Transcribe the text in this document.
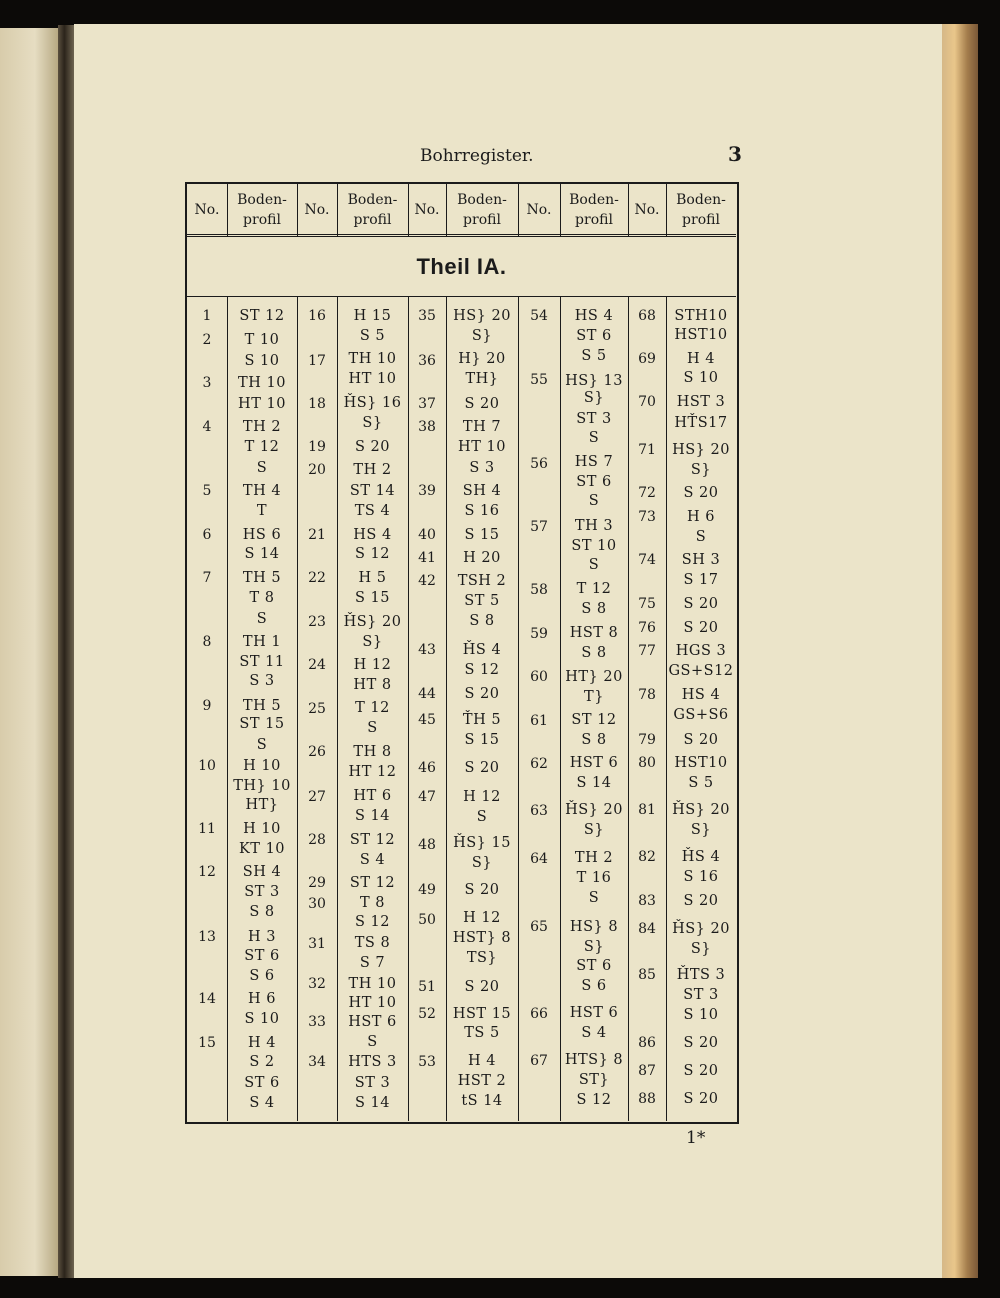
Bohrregister.	3
No.
Boden-
profil
No.
Boden-
profil
No.
Boden-
profil
No.
Boden-
profil
No.
Boden-
profil
Theil IA.
1
2
3
4
5
6
7
8
9
10
11
12
13
14
15
ST 12
T 10
S 10
TH 10
HT 10
TH 2
T 12
S
TH 4
T
HS 6
S 14
TH 5
T 8
S
TH 1
ST 11
S 3
TH 5
ST 15
S
H 10
TH} 10
HT}
H 10
KT 10
SH 4
ST 3
S 8
H 3
ST 6
S 6
H 6
S 10
H 4
S 2
ST 6
S 4
16
17
18
19
20
21
22
23
24
25
26
27
28
29
30
31
32
33
34
H 15
S 5
TH 10
HT 10
ȞS} 16
S}
S 20
TH 2
ST 14
TS 4
HS 4
S 12
H 5
S 15
ȞS} 20
S}
H 12
HT 8
T 12
S
TH 8
HT 12
HT 6
S 14
ST 12
S 4
ST 12
T 8
S 12
TS 8
S 7
TH 10
HT 10
HST 6
S
HTS 3
ST 3
S 14
35
36
37
38
39
40
41
42
43
44
45
46
47
48
49
50
51
52
53
HS} 20
S}
H} 20
TH}
S 20
TH 7
HT 10
S 3
SH 4
S 16
S 15
H 20
TSH 2
ST 5
S 8
ȞS 4
S 12
S 20
ŤH 5
S 15
S 20
H 12
S
ȞS} 15
S}
S 20
H 12
HST} 8
TS}
S 20
HST 15
TS 5
H 4
HST 2
tS 14
54
55
56
57
58
59
60
61
62
63
64
65
66
67
HS 4
ST 6
S 5
HS} 13
S}
ST 3
S
HS 7
ST 6
S
TH 3
ST 10
S
T 12
S 8
HST 8
S 8
HT} 20
T}
ST 12
S 8
HST 6
S 14
ȞS} 20
S}
TH 2
T 16
S
HS} 8
S}
ST 6
S 6
HST 6
S 4
HTS} 8
ST}
S 12
68
69
70
71
72
73
74
75
76
77
78
79
80
81
82
83
84
85
86
87
88
STH10
HST10
H 4
S 10
HST 3
HŤS17
HS} 20
S}
S 20
H 6
S
SH 3
S 17
S 20
S 20
HGS 3
GS+S12
HS 4
GS+S6
S 20
HST10
S 5
ȞS} 20
S}
ȞS 4
S 16
S 20
ȞS} 20
S}
ȞTS 3
ST 3
S 10
S 20
S 20
S 20
1*
